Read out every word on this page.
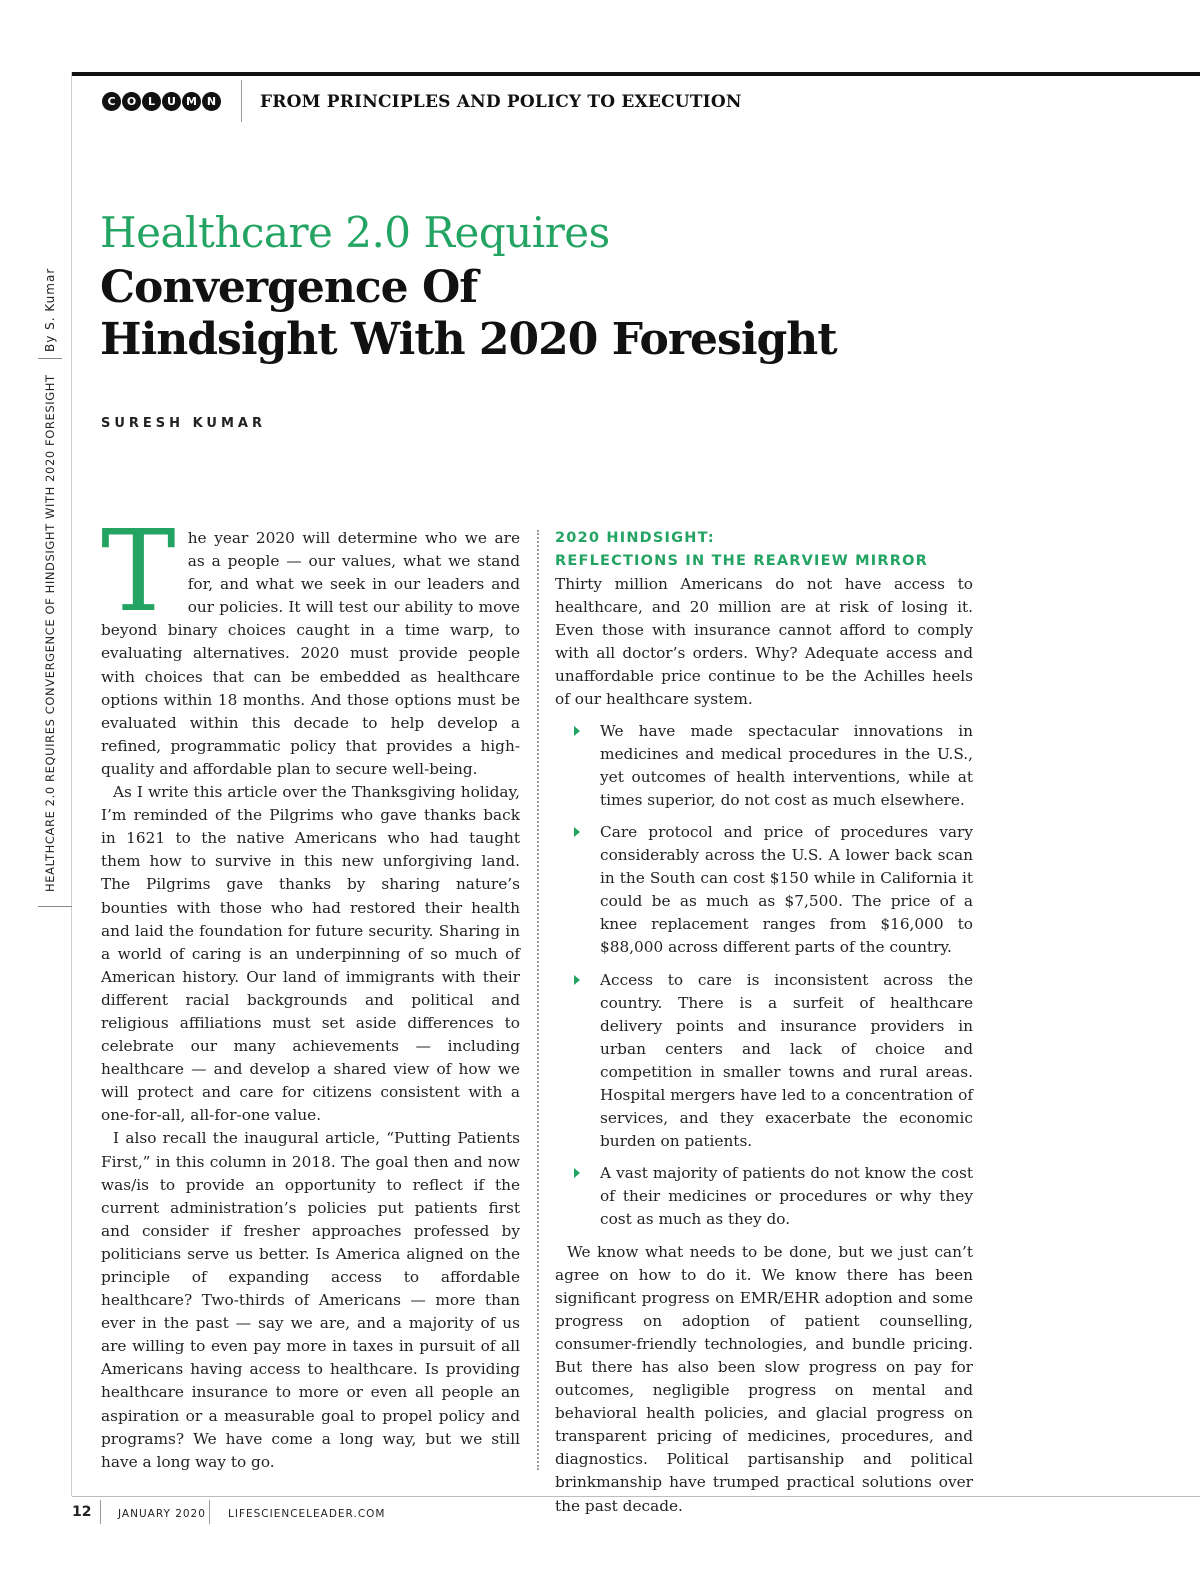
By S. Kumar
HEALTHCARE 2.0 REQUIRES CONVERGENCE OF HINDSIGHT WITH 2020 FORESIGHT
C	O	L	U M N	FROM PRINCIPLES AND POLICY TO EXECUTION
Healthcare 2.0 Requires
Convergence Of
Hindsight With 2020 Foresight
SURESH KUMAR

The year 2020 will determine who we are as a people — our values, what we stand for, and what we seek in our leaders and our policies. It will test our ability to move beyond binary choices caught in a time warp, to evaluating alternatives. 2020 must provide people with choices that can be embedded as healthcare options within 18 months. And those options must be evaluated within this decade to help develop a refined, programmatic policy that provides a high-quality and affordable plan to secure well-being.

As I write this article over the Thanksgiving holiday, I’m reminded of the Pilgrims who gave thanks back in 1621 to the native Americans who had taught them how to survive in this new unforgiving land. The Pilgrims gave thanks by sharing nature’s bounties with those who had restored their health and laid the foundation for future security. Sharing in a world of caring is an underpinning of so much of American history. Our land of immigrants with their different racial backgrounds and political and religious affiliations must set aside differences to celebrate our many achievements — including healthcare — and develop a shared view of how we will protect and care for citizens consistent with a one-for-all, all-for-one value.

I also recall the inaugural article, “Putting Patients First,” in this column in 2018. The goal then and now was/is to provide an opportunity to reflect if the current administration’s policies put patients first and consider if fresher approaches professed by politicians serve us better. Is America aligned on the principle of expanding access to affordable healthcare? Two-thirds of Americans — more than ever in the past — say we are, and a majority of us are willing to even pay more in taxes in pursuit of all Americans having access to healthcare. Is providing healthcare insurance to more or even all people an aspiration or a measurable goal to propel policy and programs? We have come a long way, but we still have a long way to go.

2020 HINDSIGHT:
REFLECTIONS IN THE REARVIEW MIRROR

Thirty million Americans do not have access to healthcare, and 20 million are at risk of losing it. Even those with insurance cannot afford to comply with all doctor’s orders. Why? Adequate access and unaffordable price continue to be the Achilles heels of our healthcare system.

We have made spectacular innovations in medicines and medical procedures in the U.S., yet outcomes of health interventions, while at times superior, do not cost as much elsewhere.
Care protocol and price of procedures vary considerably across the U.S. A lower back scan in the South can cost $150 while in California it could be as much as $7,500. The price of a knee replacement ranges from $16,000 to $88,000 across different parts of the country.
Access to care is inconsistent across the country. There is a surfeit of healthcare delivery points and insurance providers in urban centers and lack of choice and competition in smaller towns and rural areas. Hospital mergers have led to a concentration of services, and they exacerbate the economic burden on patients.
A vast majority of patients do not know the cost of their medicines or procedures or why they cost as much as they do.

We know what needs to be done, but we just can’t agree on how to do it. We know there has been significant progress on EMR/EHR adoption and some progress on adoption of patient counselling, consumer-friendly technologies, and bundle pricing. But there has also been slow progress on pay for outcomes, negligible progress on mental and behavioral health policies, and glacial progress on transparent pricing of medicines, procedures, and diagnostics. Political partisanship and political brinkmanship have trumped practical solutions over the past decade.

12	JANUARY 2020 LIFESCIENCELEADER.COM
